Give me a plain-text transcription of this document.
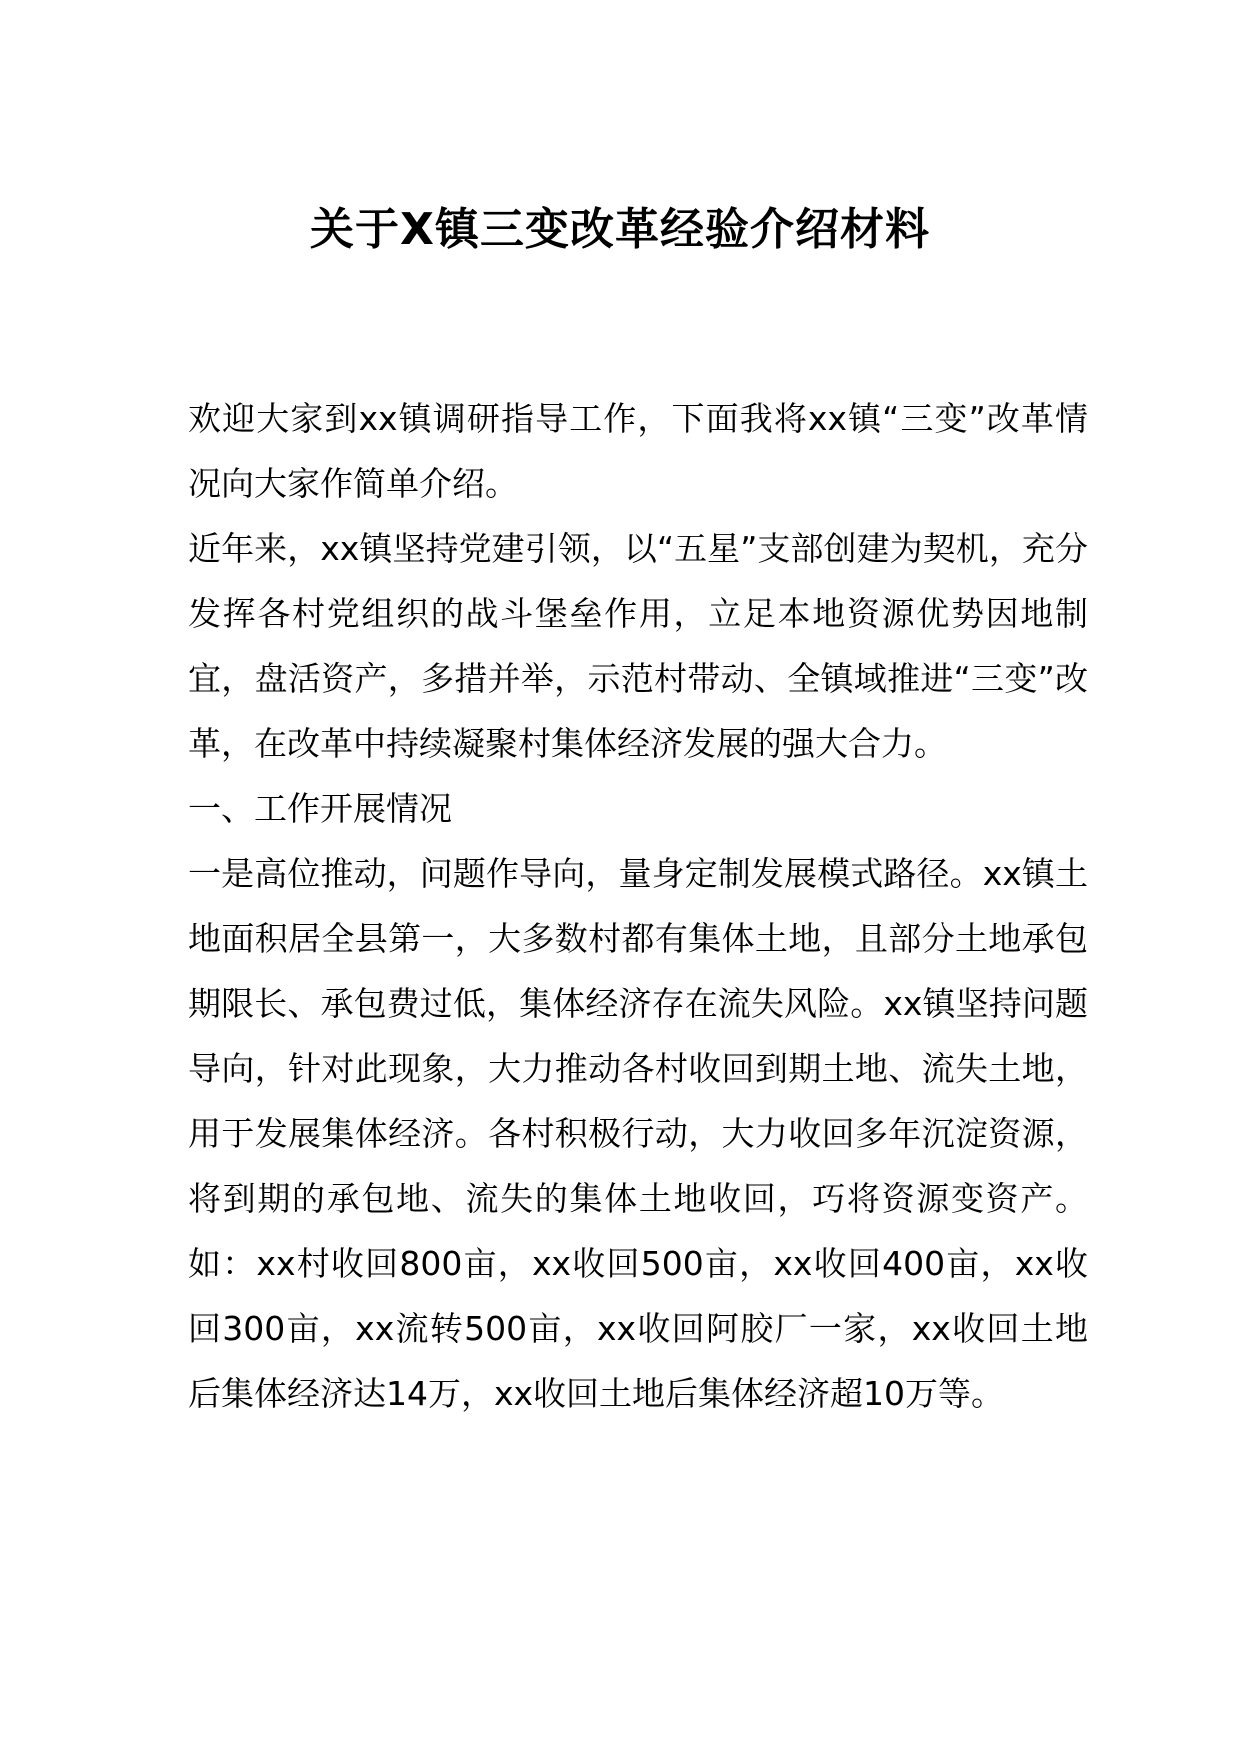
关于X镇三变改革经验介绍材料

欢迎大家到xx镇调研指导工作，下面我将xx镇“三变”改革情况向大家作简单介绍。

近年来，xx镇坚持党建引领，以“五星”支部创建为契机，充分发挥各村党组织的战斗堡垒作用，立足本地资源优势因地制宜，盘活资产，多措并举，示范村带动、全镇域推进“三变”改革，在改革中持续凝聚村集体经济发展的强大合力。

一、工作开展情况

一是高位推动，问题作导向，量身定制发展模式路径。xx镇土地面积居全县第一，大多数村都有集体土地，且部分土地承包期限长、承包费过低，集体经济存在流失风险。xx镇坚持问题导向，针对此现象，大力推动各村收回到期土地、流失土地，用于发展集体经济。各村积极行动，大力收回多年沉淀资源，将到期的承包地、流失的集体土地收回，巧将资源变资产。如：xx村收回800亩，xx收回500亩，xx收回400亩，xx收回300亩，xx流转500亩，xx收回阿胶厂一家，xx收回土地后集体经济达14万，xx收回土地后集体经济超10万等。
